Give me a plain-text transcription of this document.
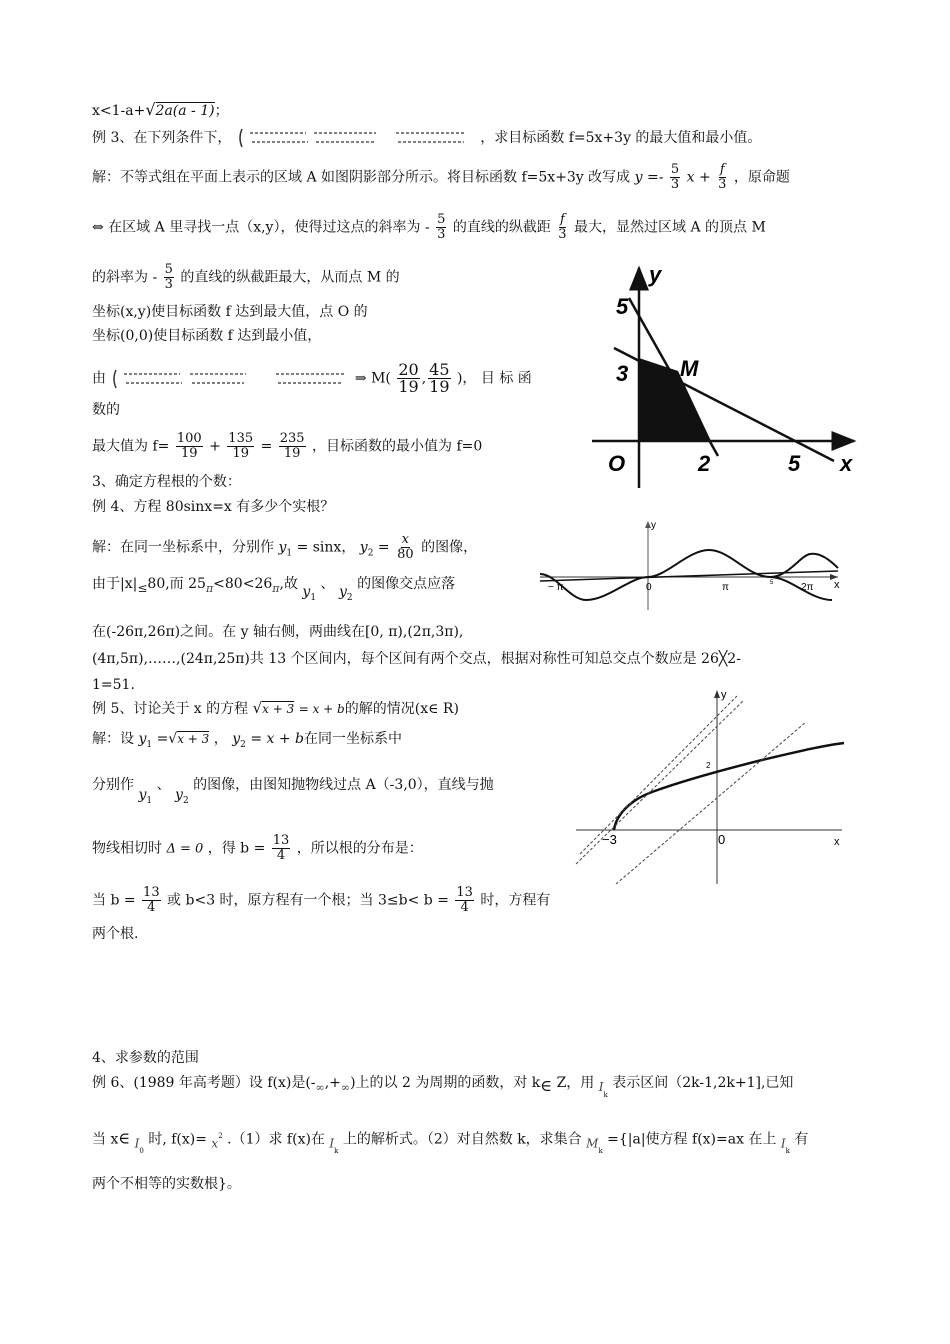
x<1-a+√2a(a - 1)；
例 3、在下列条件下，	，求目标函数 f=5x+3y 的最大值和最小值。
解：不等式组在平面上表示的区域 A 如图阴影部分所示。将目标函数 f=5x+3y 改写成 $y =- \frac{5}{3}$ $x + \frac{f}{3}$ ，原命题
⇔ 在区域 A 里寻找一点（x,y），使得过这点的斜率为 - $\frac{5}{3}$ 的直线的纵截距 $\frac{f}{3}$ 最大，显然过区域 A 的顶点 M
的斜率为 - $\frac{5}{3}$ 的直线的纵截距最大，从而点 M 的
坐标(x,y)使目标函数 f 达到最大值，点 O 的
坐标(0,0)使目标函数 f 达到最小值，
由	⇒ $M( \frac{20}{19}$ , $\frac{45}{19}$ )， 目 标 函
数的
最大值为 $f= \frac{100}{19} + \frac{135}{19} = \frac{235}{19}$ ，目标函数的最小值为 f=0
3、确定方程根的个数：
例 4、方程 80sinx=x 有多少个实根？
解：在同一坐标系中，分别作 $y_1 = \sin x$， $y_2 = \frac{x}{80}$ 的图像，
由于$|x|_\le 80$,而 $25_\pi<80<26_\pi$,故 $y_1$ 、 $y_2$ 的图像交点应落
在(-26π,26π)之间。在 y 轴右侧，两曲线在[0, π),(2π,3π),
(4π,5π),……,(24π,25π)共 13 个区间内，每个区间有两个交点，根据对称性可知总交点个数应是 26╳2-
1=51.
例 5、讨论关于 x 的方程 √x + 3 = x + b的解的情况(x∈ R)
解：设 $y_1 =√x + 3$ ， $y_2 = x + b$在同一坐标系中
分别作 $y_1$ 、 $y_2$ 的图像，由图知抛物线过点 A（-3,0），直线与抛
物线相切时 Δ = 0 ，得 $b = \frac{13}{4}$ ，所以根的分布是：
当 $b = \frac{13}{4}$ 或 b<3 时，原方程有一个根；当 $3\le b< b = \frac{13}{4}$ 时，方程有
两个根.
4、求参数的范围
例 6、(1989 年高考题）设 f(x)是$(-_\infty,+_\infty)$上的以 2 为周期的函数，对 $k_\in$ Z，用 $_{Ik}$ 表示区间（2k-1,2k+1],已知
当 x∈ $_{I0}$ 时, f(x)= $_x^2$ .（1）求 f(x)在 $_{Ik}$ 上的解析式。（2）对自然数 k，求集合 $_{Mk}$ ={|a|使方程 f(x)=ax 在上 $_{Ik}$ 有
两个不相等的实数根}。
y
5
3 M
O	2	5 x
y
x
− π	0	π	5	2π
y
x
−3	0
2
